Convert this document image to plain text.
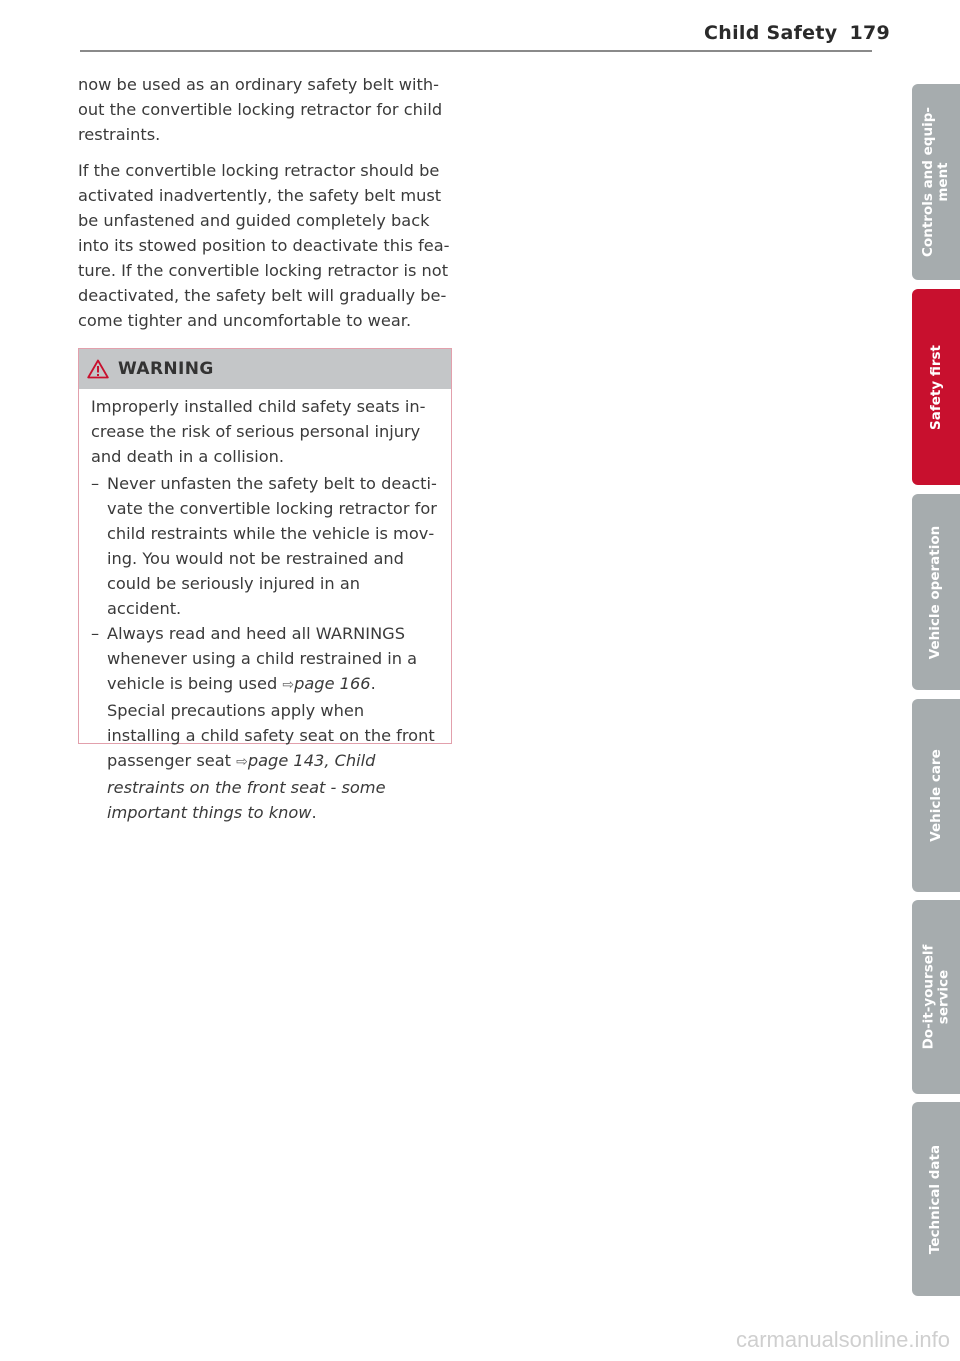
Child Safety 179

now be used as an ordinary safety belt without the convertible locking retractor for child restraints.

If the convertible locking retractor should be activated inadvertently, the safety belt must be unfastened and guided completely back into its stowed position to deactivate this feature. If the convertible locking retractor is not deactivated, the safety belt will gradually become tighter and uncomfortable to wear.

WARNING

Improperly installed child safety seats increase the risk of serious personal injury and death in a collision.

– Never unfasten the safety belt to deactivate the convertible locking retractor for child restraints while the vehicle is moving. You would not be restrained and could be seriously injured in an accident.
– Always read and heed all WARNINGS whenever using a child restrained in a vehicle is being used ⇨page 166. Special precautions apply when installing a child safety seat on the front passenger seat ⇨page 143, Child restraints on the front seat - some important things to know.
Controls and equip-
ment
Safety first
Vehicle operation
Vehicle care
Do-it-yourself
service
Technical data
carmanualsonline.info
